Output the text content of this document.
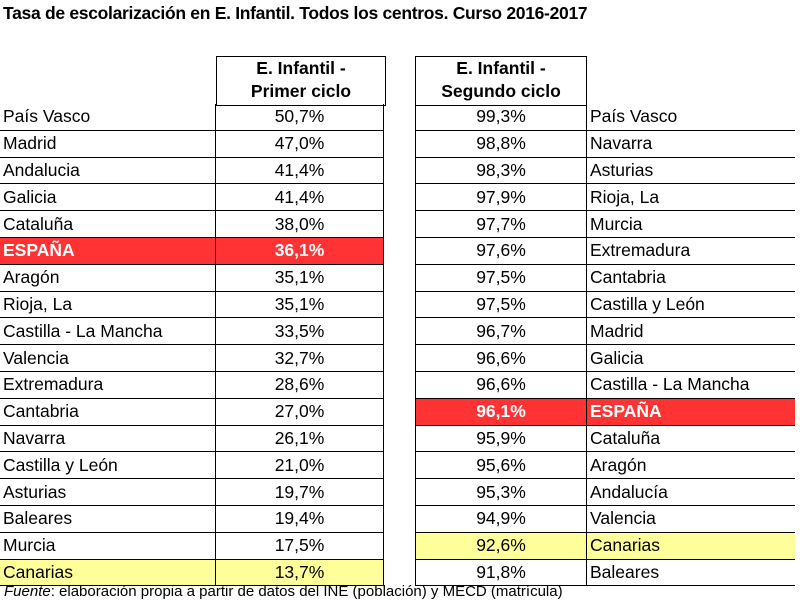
Tasa de escolarización en E. Infantil. Todos los centros. Curso 2016-2017
E. Infantil -
Primer ciclo
E. Infantil -
Segundo ciclo
País Vasco	50,7%
Madrid	47,0%
Andalucia	41,4%
Galicia	41,4%
Cataluña	38,0%
ESPAÑA	36,1%
Aragón	35,1%
Rioja, La	35,1%
Castilla - La Mancha	33,5%
Valencia	32,7%
Extremadura	28,6%
Cantabria	27,0%
Navarra	26,1%
Castilla y León	21,0%
Asturias	19,7%
Baleares	19,4%
Murcia	17,5%
Canarias	13,7%
99,3%	País Vasco
98,8%	Navarra
98,3%	Asturias
97,9%	Rioja, La
97,7%	Murcia
97,6%	Extremadura
97,5%	Cantabria
97,5%	Castilla y León
96,7%	Madrid
96,6%	Galicia
96,6%	Castilla - La Mancha
96,1%	ESPAÑA
95,9%	Cataluña
95,6%	Aragón
95,3%	Andalucía
94,9%	Valencia
92,6%	Canarias
91,8%	Baleares
Fuente: elaboración propia a partir de datos del INE (población) y MECD (matrícula)
